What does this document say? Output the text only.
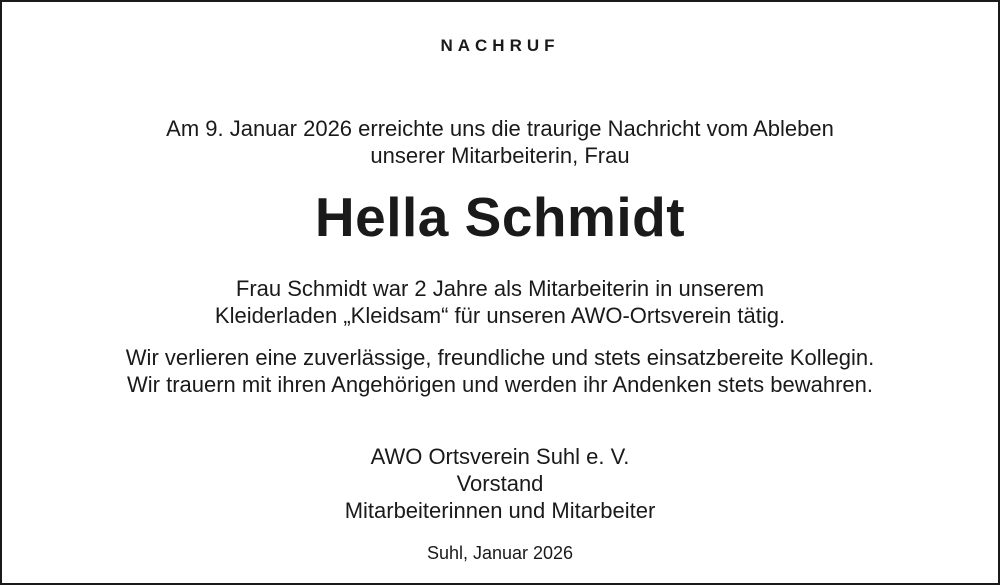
NACHRUF
Am 9. Januar 2026 erreichte uns die traurige Nachricht vom Ableben
unserer Mitarbeiterin, Frau
Hella Schmidt
Frau Schmidt war 2 Jahre als Mitarbeiterin in unserem
Kleiderladen „Kleidsam“ für unseren AWO-Ortsverein tätig.
Wir verlieren eine zuverlässige, freundliche und stets einsatzbereite Kollegin.
Wir trauern mit ihren Angehörigen und werden ihr Andenken stets bewahren.
AWO Ortsverein Suhl e. V.
Vorstand
Mitarbeiterinnen und Mitarbeiter
Suhl, Januar 2026
